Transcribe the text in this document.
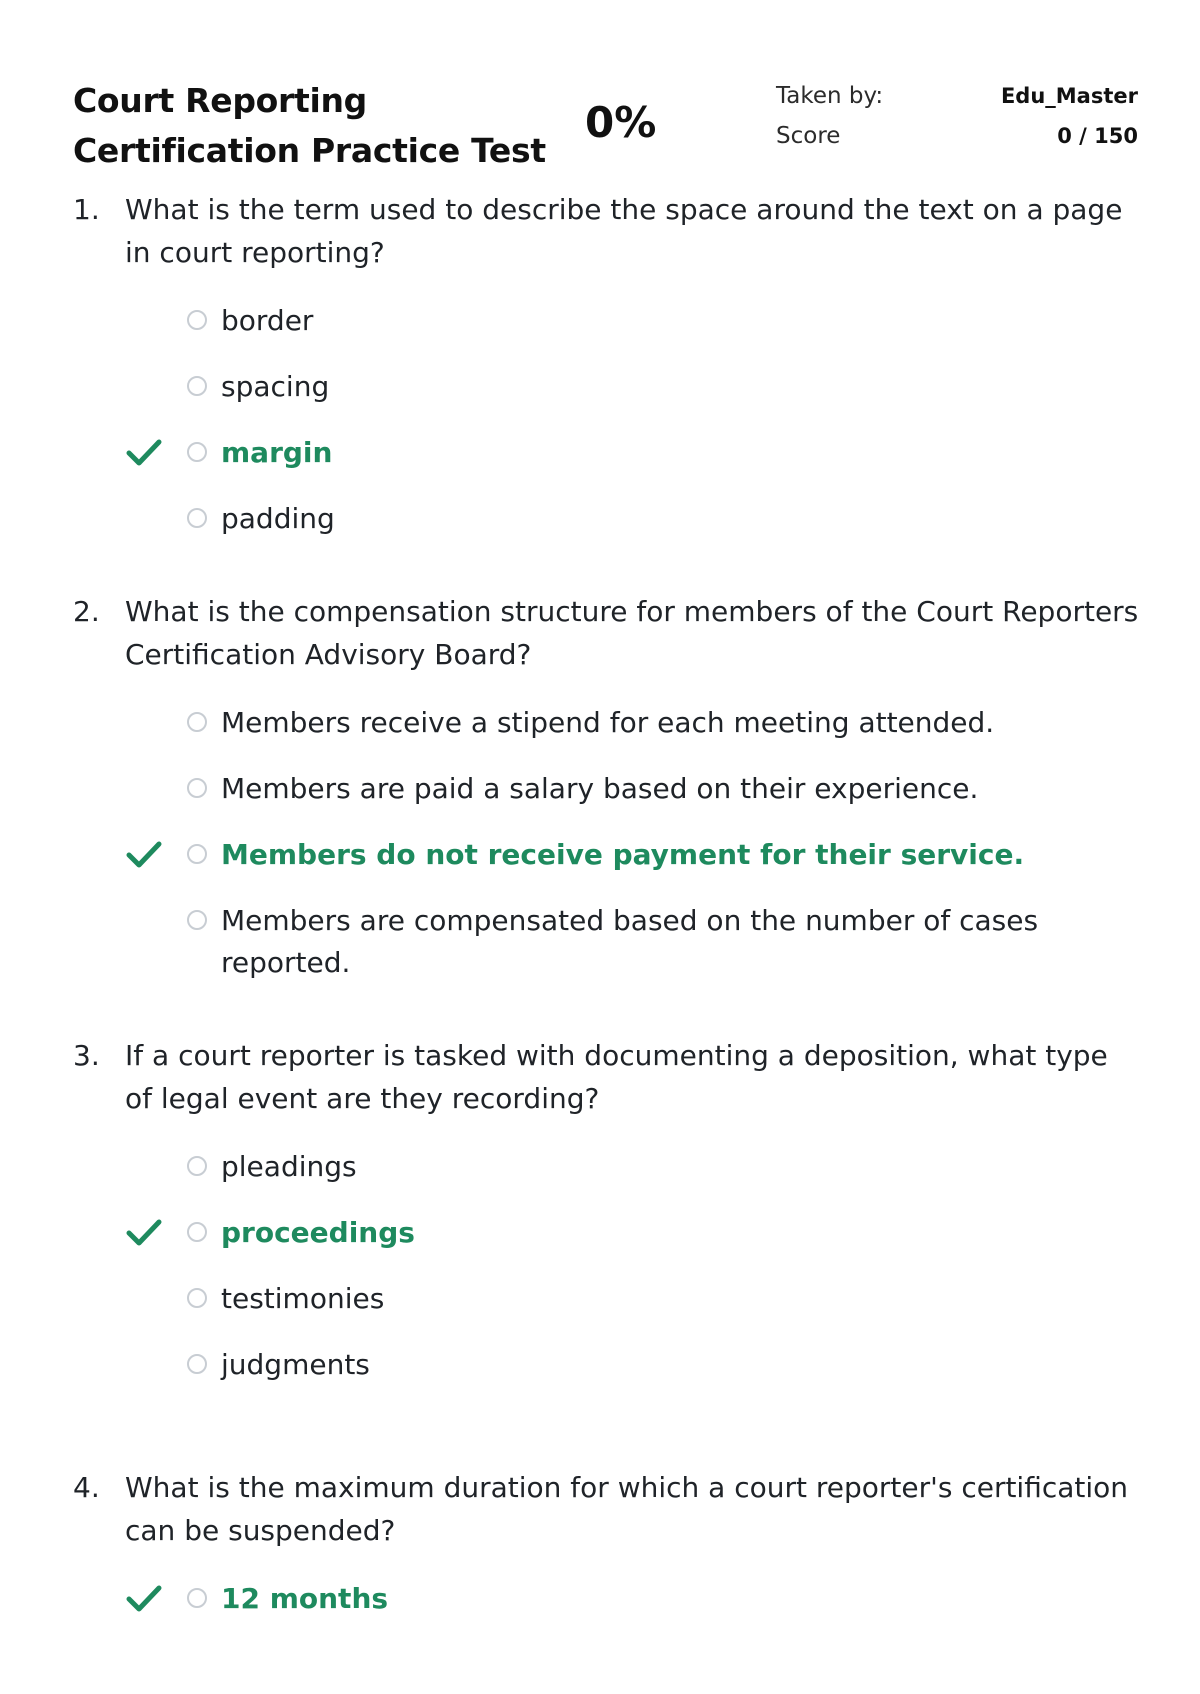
Court Reporting
Certification Practice Test
0%
Taken by:	Edu_Master
Score	0 / 150
1. What is the term used to describe the space around the text on a page in court reporting?
border
spacing
margin
padding
2. What is the compensation structure for members of the Court Reporters Certification Advisory Board?
Members receive a stipend for each meeting attended.
Members are paid a salary based on their experience.
Members do not receive payment for their service.
Members are compensated based on the number of cases reported.
3. If a court reporter is tasked with documenting a deposition, what type of legal event are they recording?
pleadings
proceedings
testimonies
judgments
4. What is the maximum duration for which a court reporter's certification can be suspended?
12 months
